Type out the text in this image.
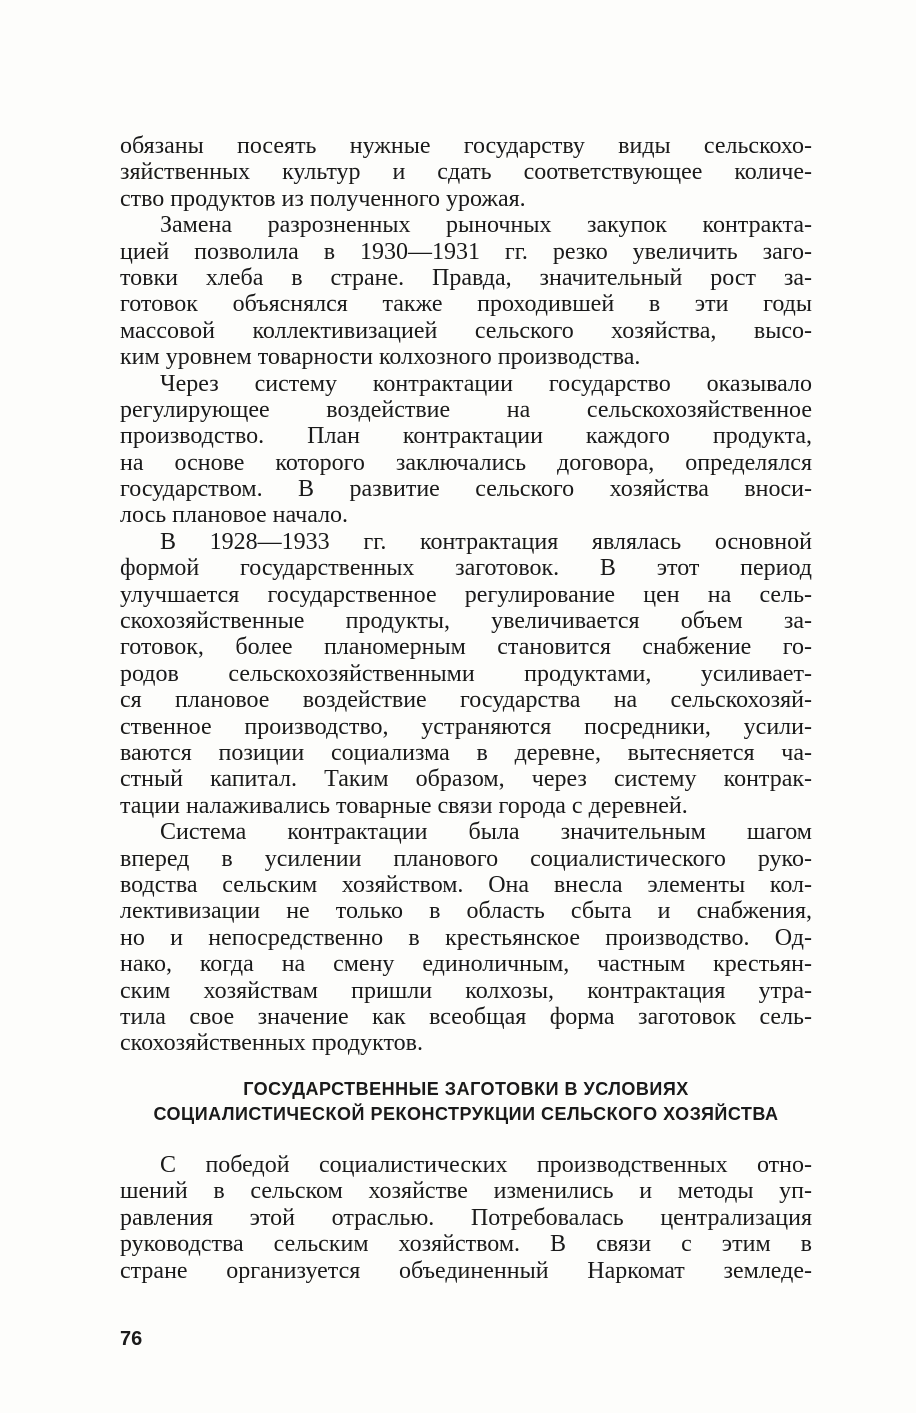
обязаны посеять нужные государству виды сельскохо-
зяйственных культур и сдать соответствующее количе-
ство продуктов из полученного урожая.
Замена разрозненных рыночных закупок контракта-
цией позволила в 1930—1931 гг. резко увеличить заго-
товки хлеба в стране. Правда, значительный рост за-
готовок объяснялся также проходившей в эти годы
массовой коллективизацией сельского хозяйства, высо-
ким уровнем товарности колхозного производства.
Через систему контрактации государство оказывало
регулирующее воздействие на сельскохозяйственное
производство. План контрактации каждого продукта,
на основе которого заключались договора, определялся
государством. В развитие сельского хозяйства внoси-
лось плановое начало.
В 1928—1933 гг. контрактация являлась основной
формой государственных заготовок. В этот период
улучшается государственное регулирование цен на сель-
скохозяйственные продукты, увеличивается объем за-
готовок, более планомерным становится снабжение го-
родов сельскохозяйственными продуктами, усиливает-
ся плановое воздействие государства на сельскохозяй-
ственное производство, устраняются посредники, усили-
ваются позиции социализма в деревне, вытесняется ча-
стный капитал. Таким образом, через систему контрак-
тации налаживались товарные связи города с деревней.
Система контрактации была значительным шагом
вперед в усилении планового социалистического руко-
водства сельским хозяйством. Она внесла элементы кол-
лективизации не только в область сбыта и снабжения,
но и непосредственно в крестьянское производство. Од-
нако, когда на смену единоличным, частным крестьян-
ским хозяйствам пришли колхозы, контрактация утра-
тила свое значение как всеобщая форма заготовок сель-
скохозяйственных продуктов.
ГОСУДАРСТВЕННЫЕ ЗАГОТОВКИ В УСЛОВИЯХ
СОЦИАЛИСТИЧЕСКОЙ РЕКОНСТРУКЦИИ СЕЛЬСКОГО ХОЗЯЙСТВА
С победой социалистических производственных отно-
шений в сельском хозяйстве изменились и методы уп-
равления этой отраслью. Потребовалась централизация
руководства сельским хозяйством. В связи с этим в
стране организуется объединенный Наркомат земледе-
76
